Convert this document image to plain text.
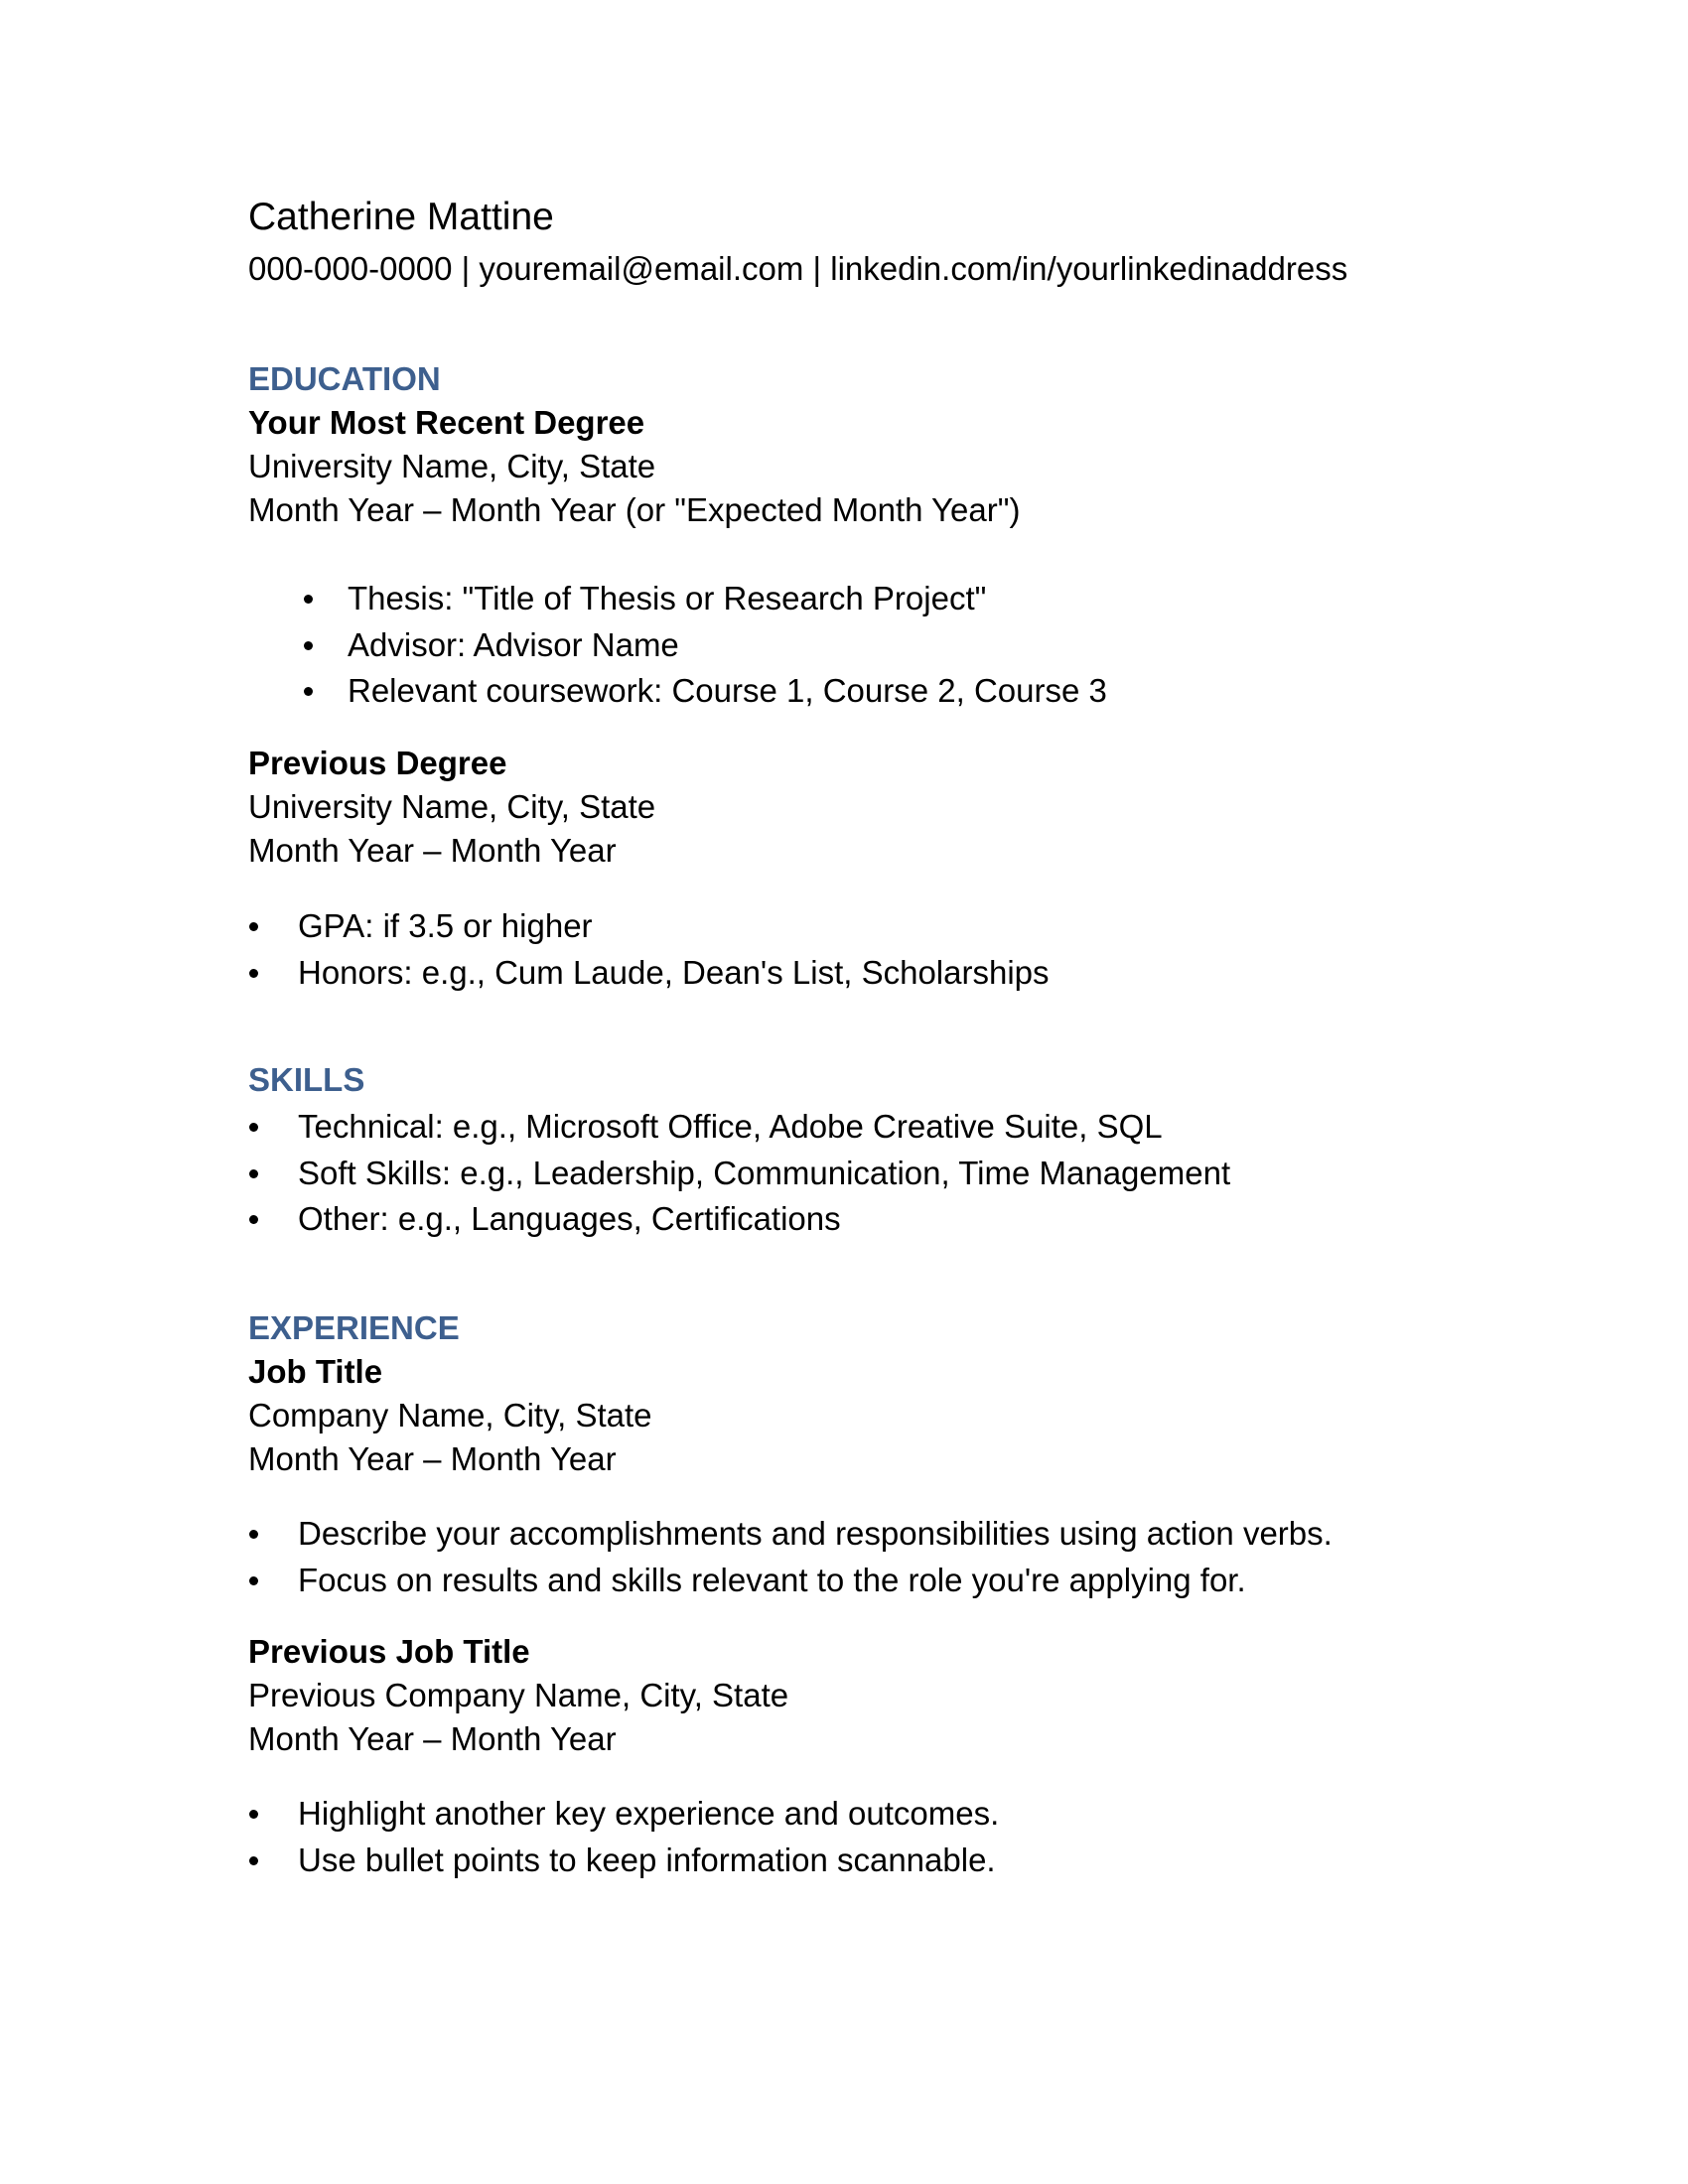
Catherine Mattine
000-000-0000 | youremail@email.com | linkedin.com/in/yourlinkedinaddress
EDUCATION
Your Most Recent Degree
University Name, City, State
Month Year – Month Year (or "Expected Month Year")
Thesis: "Title of Thesis or Research Project"
Advisor: Advisor Name
Relevant coursework: Course 1, Course 2, Course 3
Previous Degree
University Name, City, State
Month Year – Month Year
GPA: if 3.5 or higher
Honors: e.g., Cum Laude, Dean's List, Scholarships
SKILLS
Technical: e.g., Microsoft Office, Adobe Creative Suite, SQL
Soft Skills: e.g., Leadership, Communication, Time Management
Other: e.g., Languages, Certifications
EXPERIENCE
Job Title
Company Name, City, State
Month Year – Month Year
Describe your accomplishments and responsibilities using action verbs.
Focus on results and skills relevant to the role you're applying for.
Previous Job Title
Previous Company Name, City, State
Month Year – Month Year
Highlight another key experience and outcomes.
Use bullet points to keep information scannable.
